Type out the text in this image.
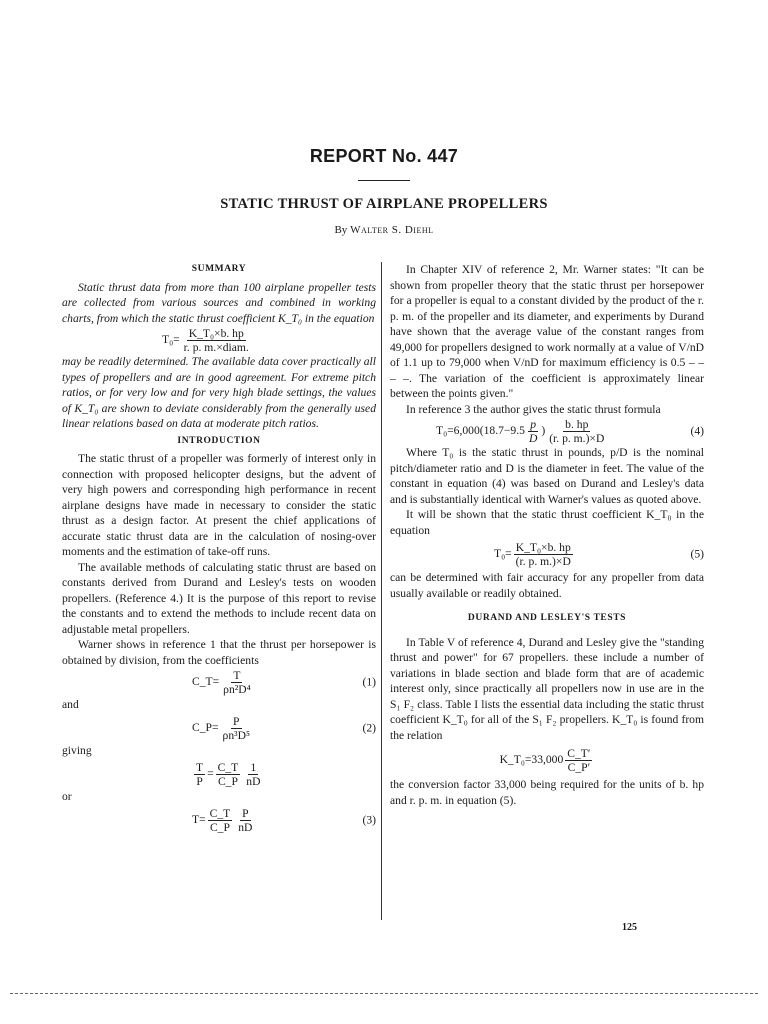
REPORT No. 447
STATIC THRUST OF AIRPLANE PROPELLERS
By Walter S. Diehl
SUMMARY

Static thrust data from more than 100 airplane propeller tests are collected from various sources and combined in working charts, from which the static thrust coefficient K_T₀ in the equation

$T_0= \frac{\text{K\_T₀×b. hp}}{\text{r. p. m.×diam.}}$

may be readily determined. The available data cover practically all types of propellers and are in good agreement. For extreme pitch ratios, or for very low and for very high blade settings, the values of K_T₀ are shown to deviate considerably from the generally used linear relations based on data at moderate pitch ratios.

INTRODUCTION

The static thrust of a propeller was formerly of interest only in connection with proposed helicopter designs, but the advent of very high powers and corresponding high performance in recent airplane designs have made in necessary to consider the static thrust as a design factor. At present the chief applications of accurate static thrust data are in the calculation of nosing-over moments and the estimation of take-off runs.

The available methods of calculating static thrust are based on constants derived from Durand and Lesley's tests on wooden propellers. (Reference 4.) It is the purpose of this report to revise the constants and to extend the methods to include recent data on adjustable metal propellers.

Warner shows in reference 1 that the thrust per horsepower is obtained by division, from the coefficients

C_T= $\frac{T}{\text{ρn²D⁴}}$	(1)
and
C_P= $\frac{P}{\text{ρn³D⁵}}$	(2)
giving
$\frac{T}{P} = \frac{C\_T}{C\_P} \frac{1}{nD}$
or
$T= \frac{C\_T}{C\_P} \frac{P}{nD}$	(3)

In Chapter XIV of reference 2, Mr. Warner states: "It can be shown from propeller theory that the static thrust per horsepower for a propeller is equal to a constant divided by the product of the r. p. m. of the propeller and its diameter, and experiments by Durand have shown that the average value of the constant ranges from 49,000 for propellers designed to work normally at a value of V/nD of 1.1 up to 79,000 when V/nD for maximum efficiency is 0.5 – – – –. The variation of the coefficient is approximately linear between the points given."

In reference 3 the author gives the static thrust formula

$T_0=6,000(18.7-9.5 \frac{p}{D}$ ) $\frac{b. hp}{(r. p. m.)\times D}$	(4)

Where T₀ is the static thrust in pounds, p/D is the nominal pitch/diameter ratio and D is the diameter in feet. The value of the constant in equation (4) was based on Durand and Lesley's data and is substantially identical with Warner's values as quoted above.

It will be shown that the static thrust coefficient K_T₀ in the equation

$T_0= \frac{\text{K\_T₀×b. hp}}{(r. p. m.)\times D}$	(5)

can be determined with fair accuracy for any propeller from data usually available or readily obtained.

DURAND AND LESLEY'S TESTS

In Table V of reference 4, Durand and Lesley give the "standing thrust and power" for 67 propellers. these include a number of variations in blade section and blade form that are of academic interest only, since practically all propellers now in use are in the S₁ F₂ class. Table I lists the essential data including the static thrust coefficient K_T₀ for all of the S₁ F₂ propellers. K_T₀ is found from the relation

K_T₀=33,000 $\frac{C\_T'}{C\_P'}$

the conversion factor 33,000 being required for the units of b. hp and r. p. m. in equation (5).

125
